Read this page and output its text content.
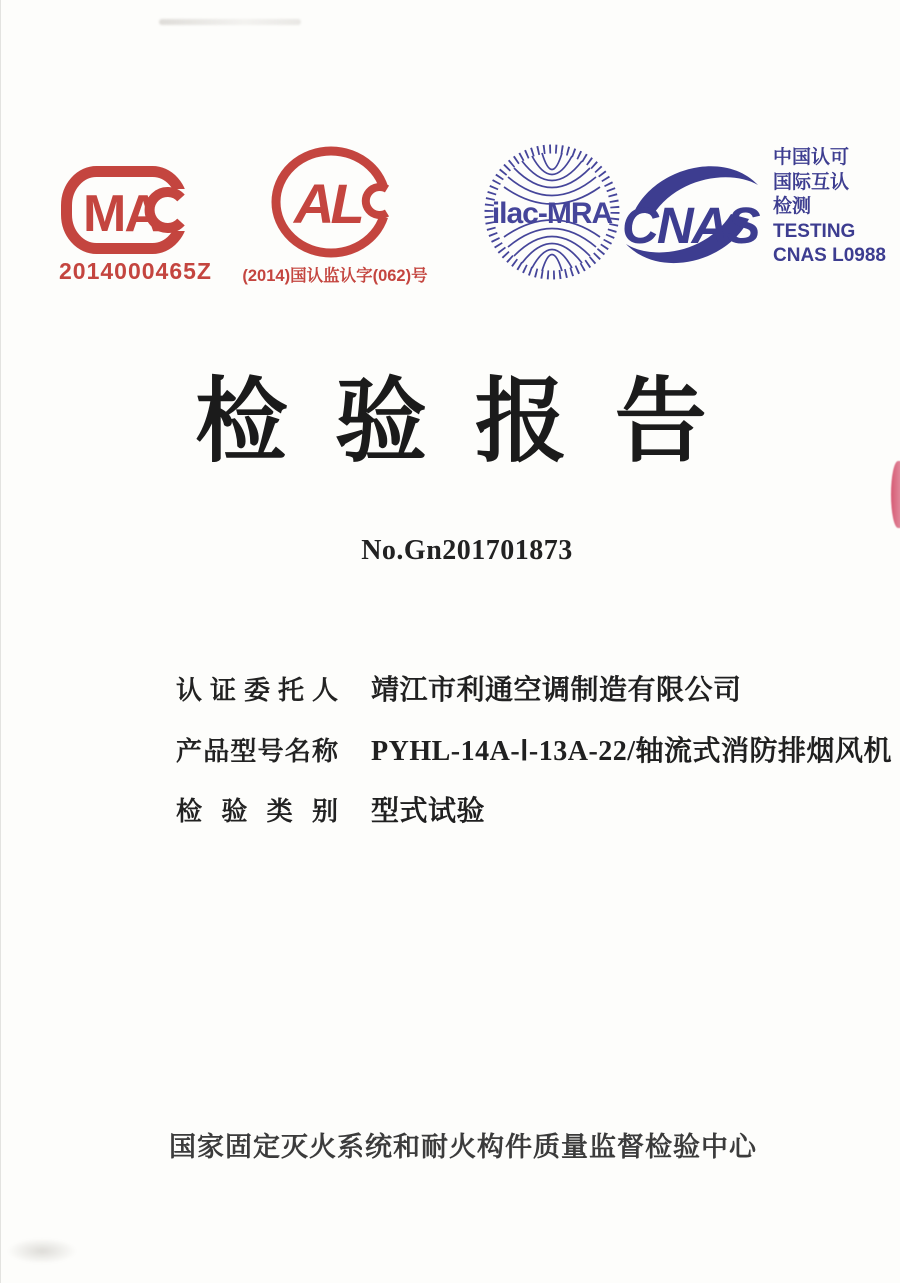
MA
2014000465Z
AL
(2014)国认监认字(062)号
ilac-MRA CNAS
中国认可
国际互认
检测
TESTING
CNAS L0988
检验报告
No.Gn201701873
认 证 委 托 人 靖江市利通空调制造有限公司
产品型号名称 PYHL-14A-Ⅰ-13A-22/轴流式消防排烟风机
检 验 类 别 型式试验
国家固定灭火系统和耐火构件质量监督检验中心
